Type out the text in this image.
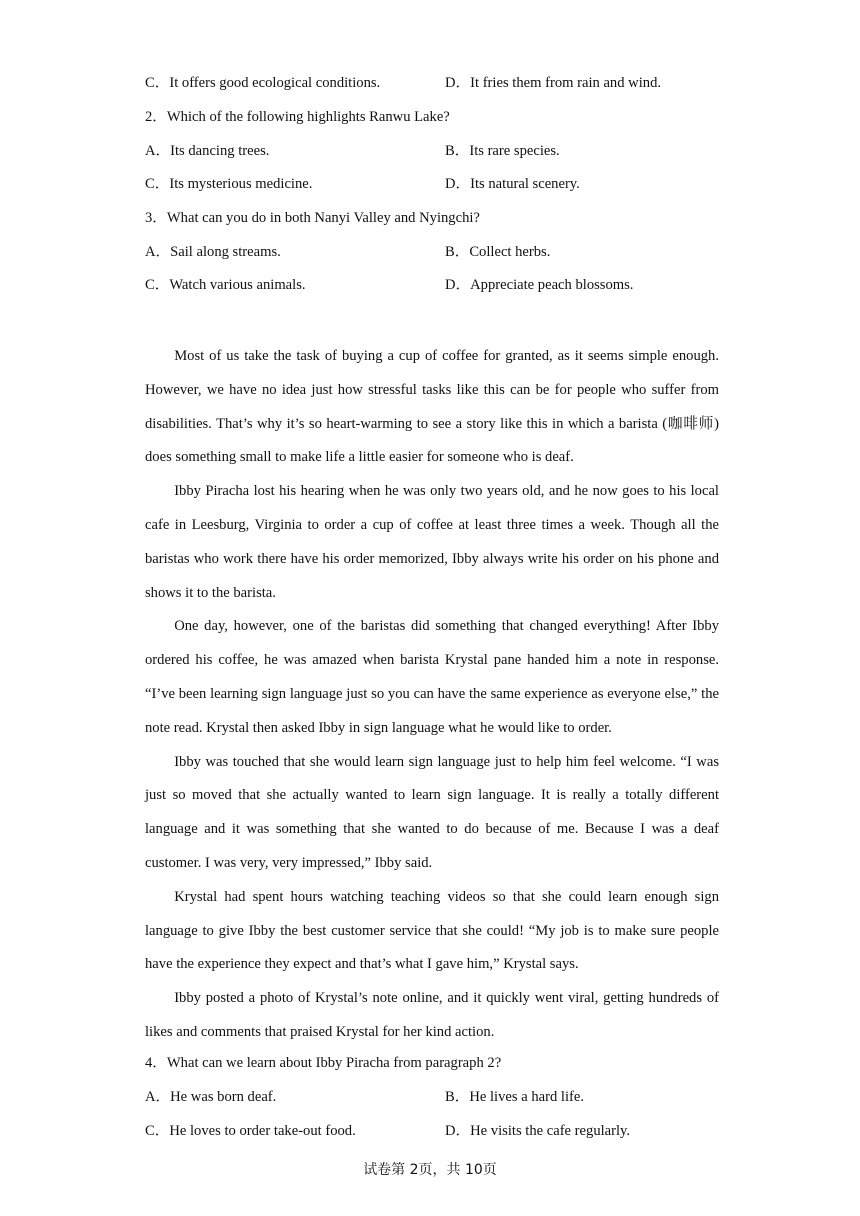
C．It offers good ecological conditions.	D．It fries them from rain and wind.
2．Which of the following highlights Ranwu Lake?
A．Its dancing trees.	B．Its rare species.
C．Its mysterious medicine.	D．Its natural scenery.
3．What can you do in both Nanyi Valley and Nyingchi?
A．Sail along streams.	B．Collect herbs.
C．Watch various animals.	D．Appreciate peach blossoms.

Most of us take the task of buying a cup of coffee for granted, as it seems simple enough. However, we have no idea just how stressful tasks like this can be for people who suffer from disabilities. That’s why it’s so heart-warming to see a story like this in which a barista (咖啡师) does something small to make life a little easier for someone who is deaf.

Ibby Piracha lost his hearing when he was only two years old, and he now goes to his local cafe in Leesburg, Virginia to order a cup of coffee at least three times a week. Though all the baristas who work there have his order memorized, Ibby always write his order on his phone and shows it to the barista.

One day, however, one of the baristas did something that changed everything! After Ibby ordered his coffee, he was amazed when barista Krystal pane handed him a note in response. “I’ve been learning sign language just so you can have the same experience as everyone else,” the note read. Krystal then asked Ibby in sign language what he would like to order.

Ibby was touched that she would learn sign language just to help him feel welcome. “I was just so moved that she actually wanted to learn sign language. It is really a totally different language and it was something that she wanted to do because of me. Because I was a deaf customer. I was very, very impressed,” Ibby said.

Krystal had spent hours watching teaching videos so that she could learn enough sign language to give Ibby the best customer service that she could! “My job is to make sure people have the experience they expect and that’s what I gave him,” Krystal says.

Ibby posted a photo of Krystal’s note online, and it quickly went viral, getting hundreds of likes and comments that praised Krystal for her kind action.

4．What can we learn about Ibby Piracha from paragraph 2?
A．He was born deaf.	B．He lives a hard life.
C．He loves to order take-out food.	D．He visits the cafe regularly.
试卷第 2页，共 10页
